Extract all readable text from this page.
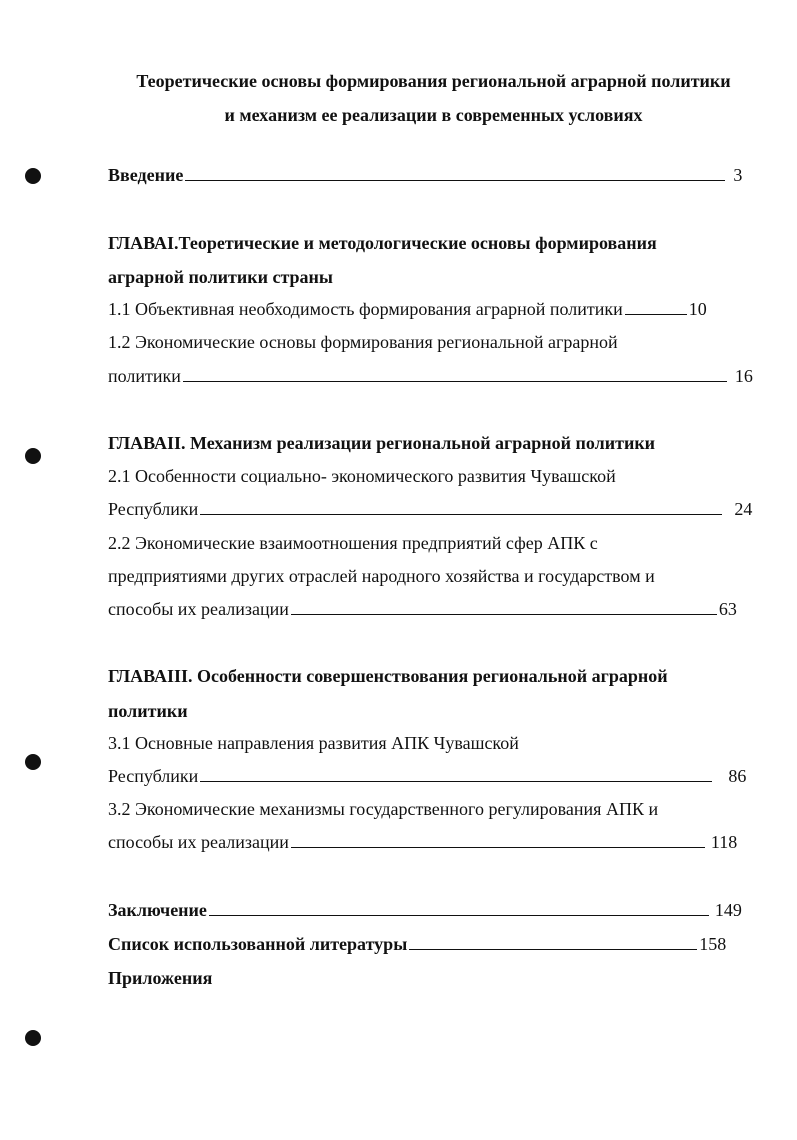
Теоретические основы формирования региональной аграрной политики
и механизм ее реализации в современных условиях
Введение	3
ГЛАВАI.Теоретические и методологические основы формирования
аграрной политики страны
1.1 Объективная необходимость формирования аграрной политики	10
1.2 Экономические основы формирования региональной аграрной
политики	16
ГЛАВАII. Механизм реализации региональной аграрной политики
2.1 Особенности социально- экономического развития Чувашской
Республики	24
2.2 Экономические взаимоотношения предприятий сфер АПК с
предприятиями других отраслей народного хозяйства и государством и
способы их реализации	63
ГЛАВАIII. Особенности совершенствования региональной аграрной
политики
3.1 Основные направления развития АПК Чувашской
Республики	86
3.2 Экономические механизмы государственного регулирования АПК и
способы их реализации	118
Заключение	149
Список использованной литературы	158
Приложения
